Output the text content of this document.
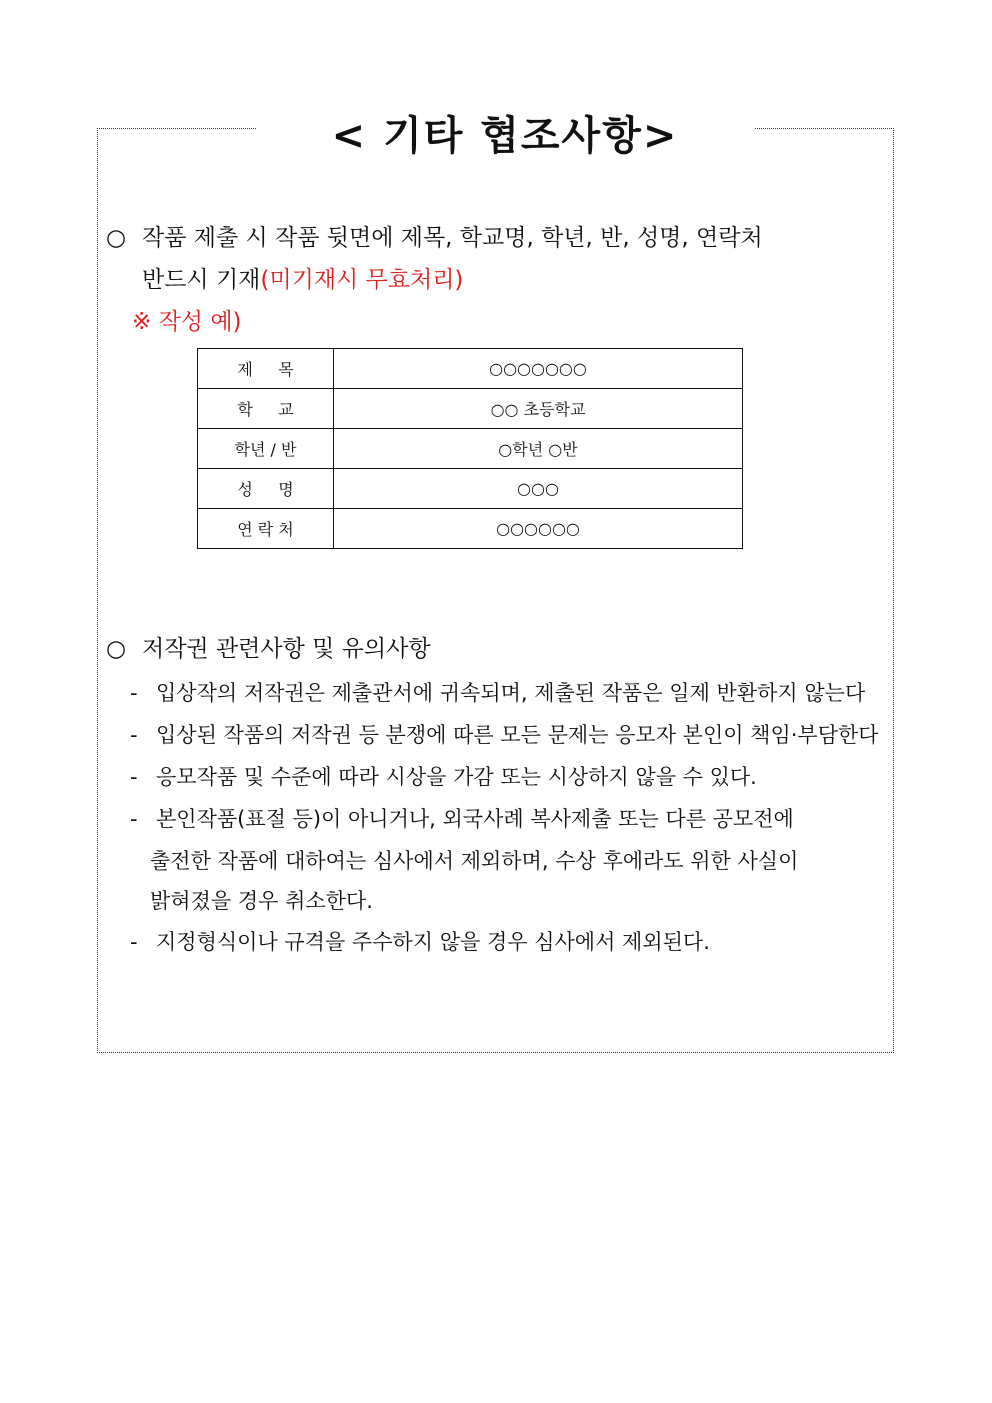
< 기타 협조사항>
○ 작품 제출 시 작품 뒷면에 제목, 학교명, 학년, 반, 성명, 연락처
반드시 기재(미기재시 무효처리)
※ 작성 예)
제     목	○○○○○○○
학     교	○○ 초등학교
학년 / 반	○학년 ○반
성     명	○○○
연 락 처	○○○○○○
○ 저작권 관련사항 및 유의사항
- 입상작의 저작권은 제출관서에 귀속되며, 제출된 작품은 일제 반환하지 않는다
- 입상된 작품의 저작권 등 분쟁에 따른 모든 문제는 응모자 본인이 책임·부담한다
- 응모작품 및 수준에 따라 시상을 가감 또는 시상하지 않을 수 있다.
- 본인작품(표절 등)이 아니거나, 외국사례 복사제출 또는 다른 공모전에
출전한 작품에 대하여는 심사에서 제외하며, 수상 후에라도 위한 사실이
밝혀졌을 경우 취소한다.
- 지정형식이나 규격을 주수하지 않을 경우 심사에서 제외된다.
